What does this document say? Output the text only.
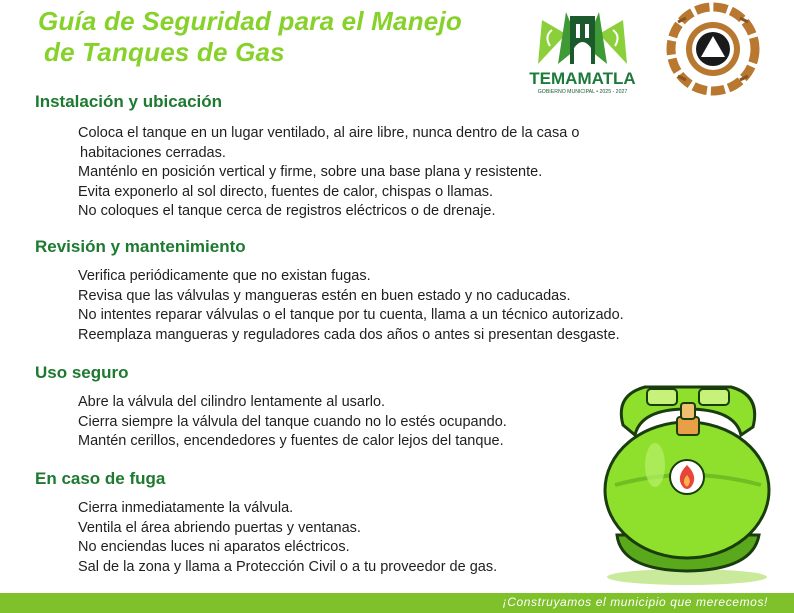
Guía de Seguridad para el Manejo
de Tanques de Gas
TEMAMATLA
GOBIERNO MUNICIPAL • 2025 - 2027
Instalación y ubicación
Coloca el tanque en un lugar ventilado, al aire libre, nunca dentro de la casa o
habitaciones cerradas.
Manténlo en posición vertical y firme, sobre una base plana y resistente.
Evita exponerlo al sol directo, fuentes de calor, chispas o llamas.
No coloques el tanque cerca de registros eléctricos o de drenaje.
Revisión y mantenimiento
Verifica periódicamente que no existan fugas.
Revisa que las válvulas y mangueras estén en buen estado y no caducadas.
No intentes reparar válvulas o el tanque por tu cuenta, llama a un técnico autorizado.
Reemplaza mangueras y reguladores cada dos años o antes si presentan desgaste.
Uso seguro
Abre la válvula del cilindro lentamente al usarlo.
Cierra siempre la válvula del tanque cuando no lo estés ocupando.
Mantén cerillos, encendedores y fuentes de calor lejos del tanque.
En caso de fuga
Cierra inmediatamente la válvula.
Ventila el área abriendo puertas y ventanas.
No enciendas luces ni aparatos eléctricos.
Sal de la zona y llama a Protección Civil o a tu proveedor de gas.
¡Construyamos el municipio que merecemos!
